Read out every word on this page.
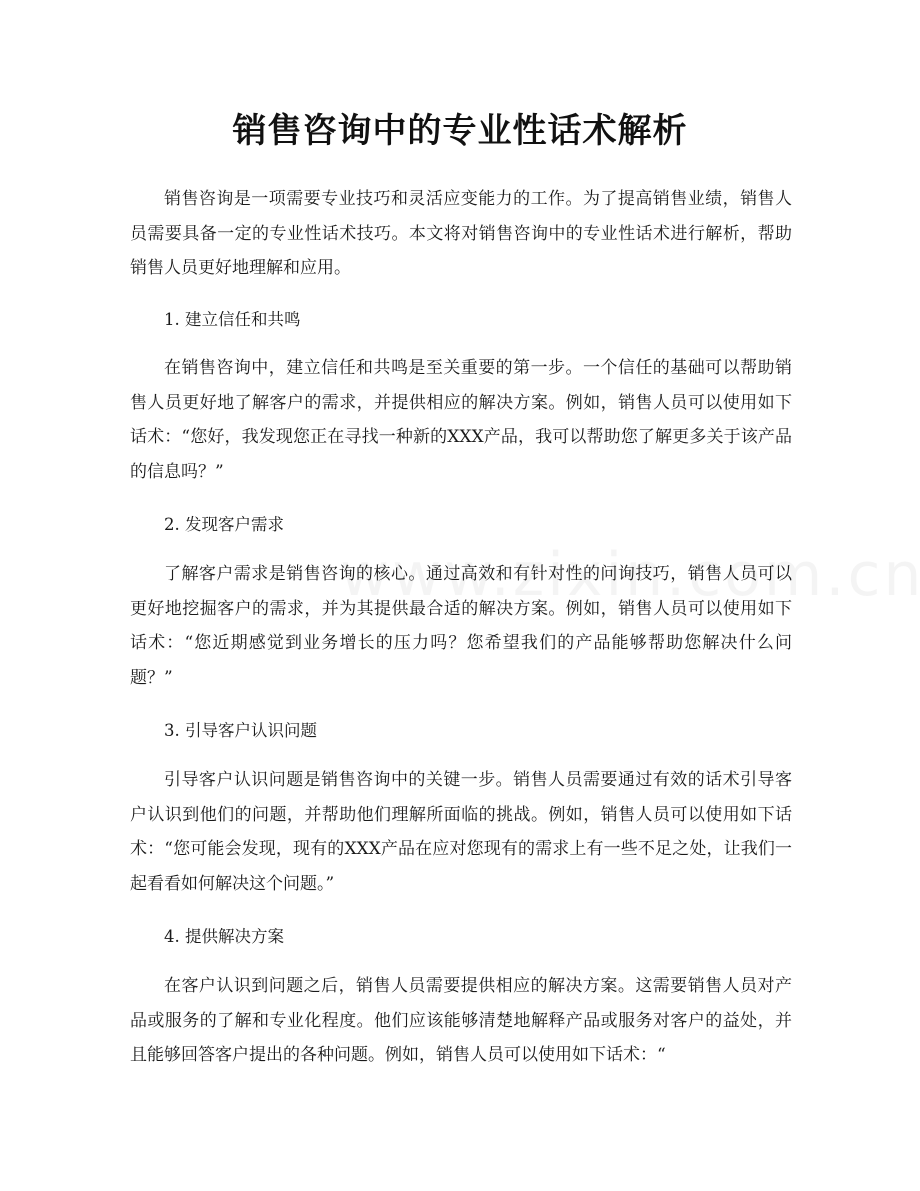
销售咨询中的专业性话术解析

销售咨询是一项需要专业技巧和灵活应变能力的工作。为了提高销售业绩，销售人员需要具备一定的专业性话术技巧。本文将对销售咨询中的专业性话术进行解析，帮助销售人员更好地理解和应用。

1. 建立信任和共鸣

在销售咨询中，建立信任和共鸣是至关重要的第一步。一个信任的基础可以帮助销售人员更好地了解客户的需求，并提供相应的解决方案。例如，销售人员可以使用如下话术：“您好，我发现您正在寻找一种新的XXX产品，我可以帮助您了解更多关于该产品的信息吗？”

2. 发现客户需求

了解客户需求是销售咨询的核心。通过高效和有针对性的问询技巧，销售人员可以更好地挖掘客户的需求，并为其提供最合适的解决方案。例如，销售人员可以使用如下话术：“您近期感觉到业务增长的压力吗？您希望我们的产品能够帮助您解决什么问题？”

3. 引导客户认识问题

引导客户认识问题是销售咨询中的关键一步。销售人员需要通过有效的话术引导客户认识到他们的问题，并帮助他们理解所面临的挑战。例如，销售人员可以使用如下话术：“您可能会发现，现有的XXX产品在应对您现有的需求上有一些不足之处，让我们一起看看如何解决这个问题。”

4. 提供解决方案

在客户认识到问题之后，销售人员需要提供相应的解决方案。这需要销售人员对产品或服务的了解和专业化程度。他们应该能够清楚地解释产品或服务对客户的益处，并且能够回答客户提出的各种问题。例如，销售人员可以使用如下话术：“
